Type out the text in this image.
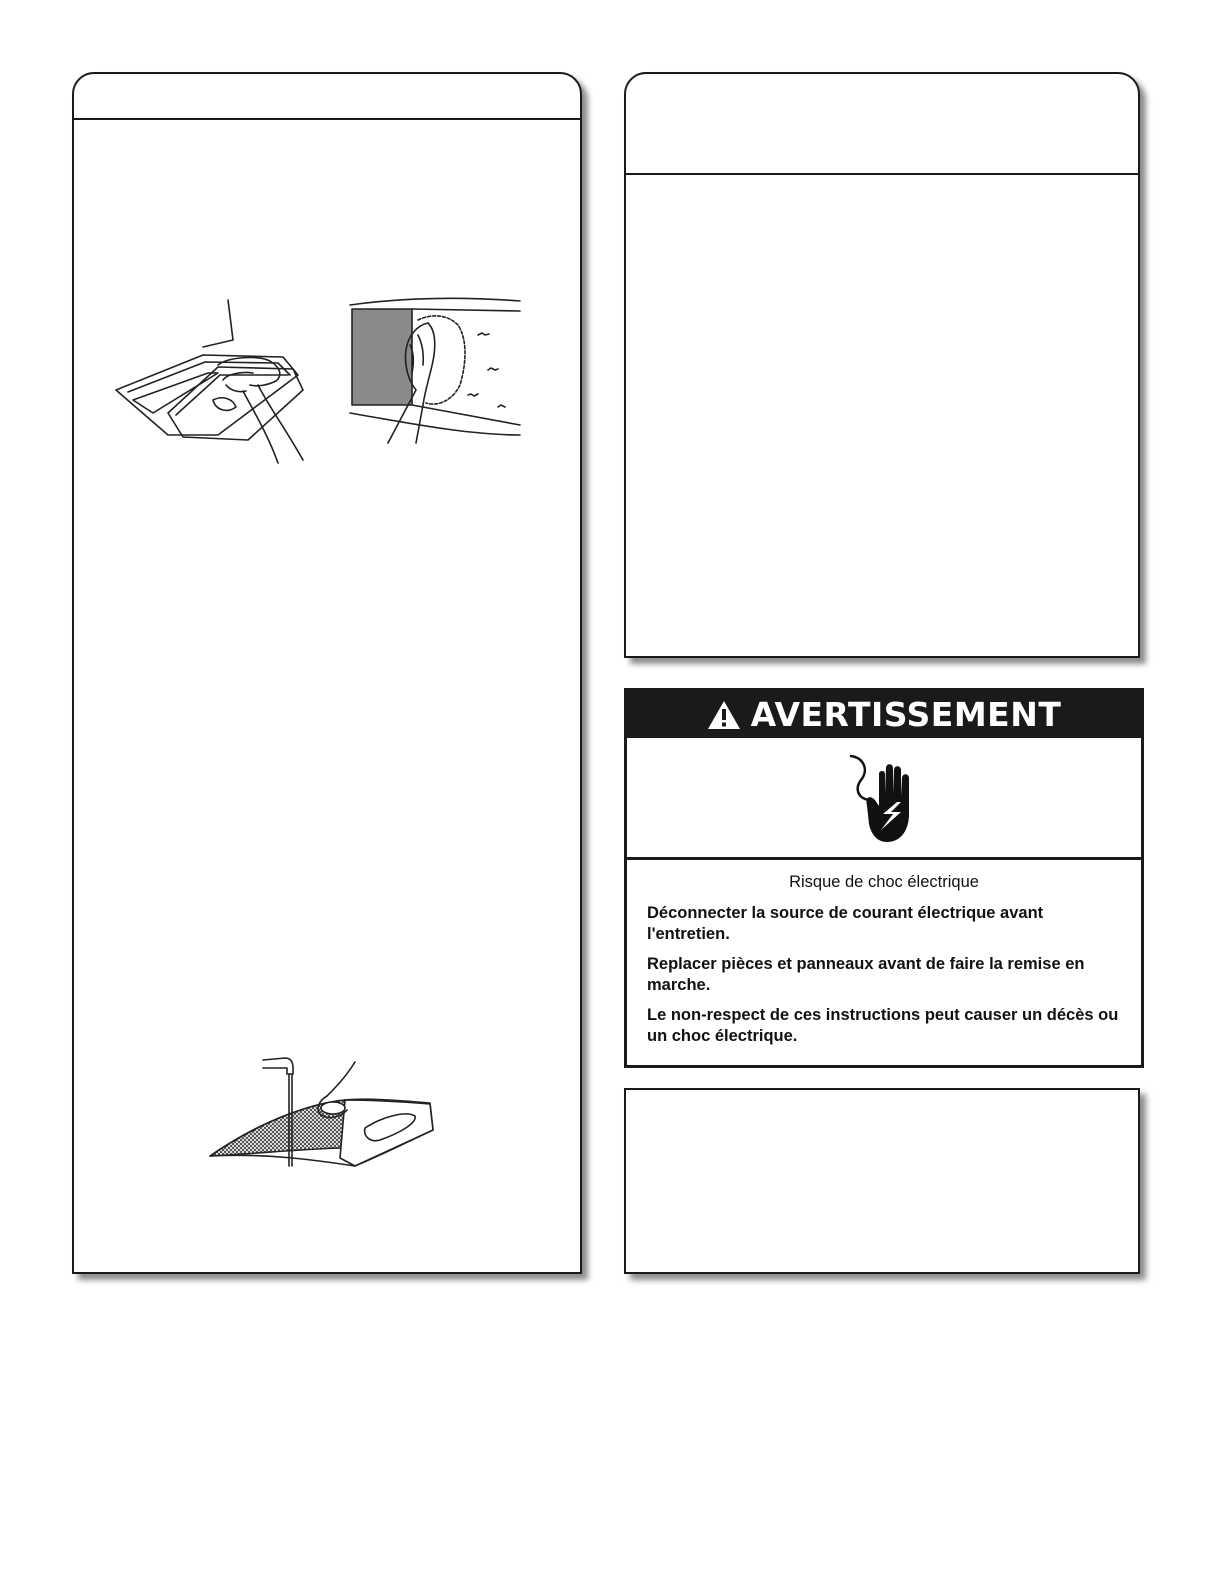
AVERTISSEMENT
Risque de choc électrique
Déconnecter la source de courant électrique avant l'entretien.
Replacer pièces et panneaux avant de faire la remise en marche.
Le non-respect de ces instructions peut causer un décès ou un choc électrique.
